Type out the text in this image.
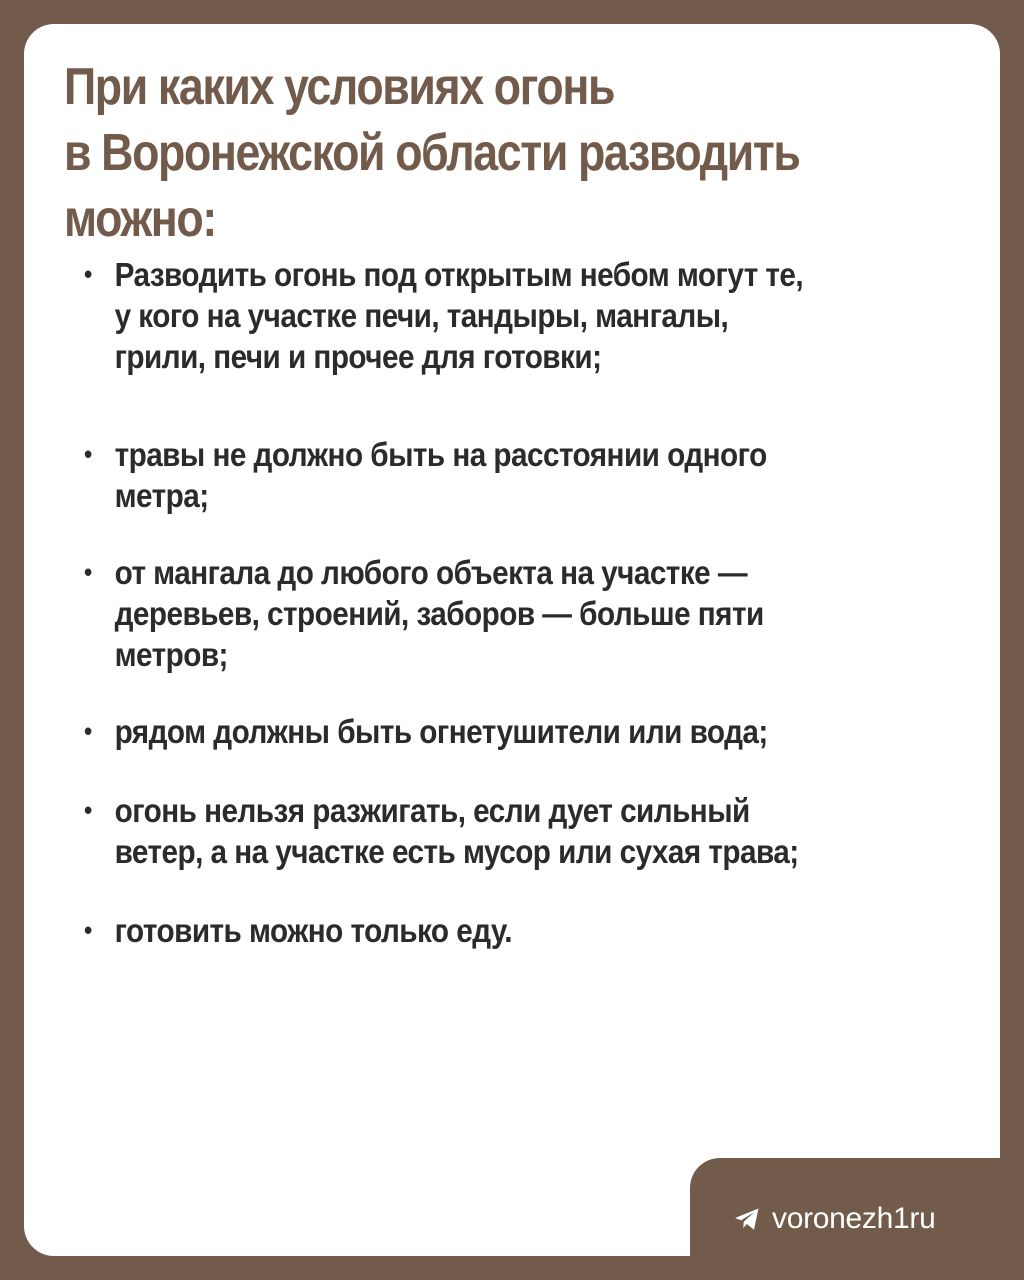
При каких условиях огонь
в Воронежской области разводить
можно:
• Разводить огонь под открытым небом могут те,
у кого на участке печи, тандыры, мангалы,
грили, печи и прочее для готовки;
• травы не должно быть на расстоянии одного
метра;
• от мангала до любого объекта на участке —
деревьев, строений, заборов — больше пяти
метров;
• рядом должны быть огнетушители или вода;
• огонь нельзя разжигать, если дует сильный
ветер, а на участке есть мусор или сухая трава;
• готовить можно только еду.
voronezh1ru
